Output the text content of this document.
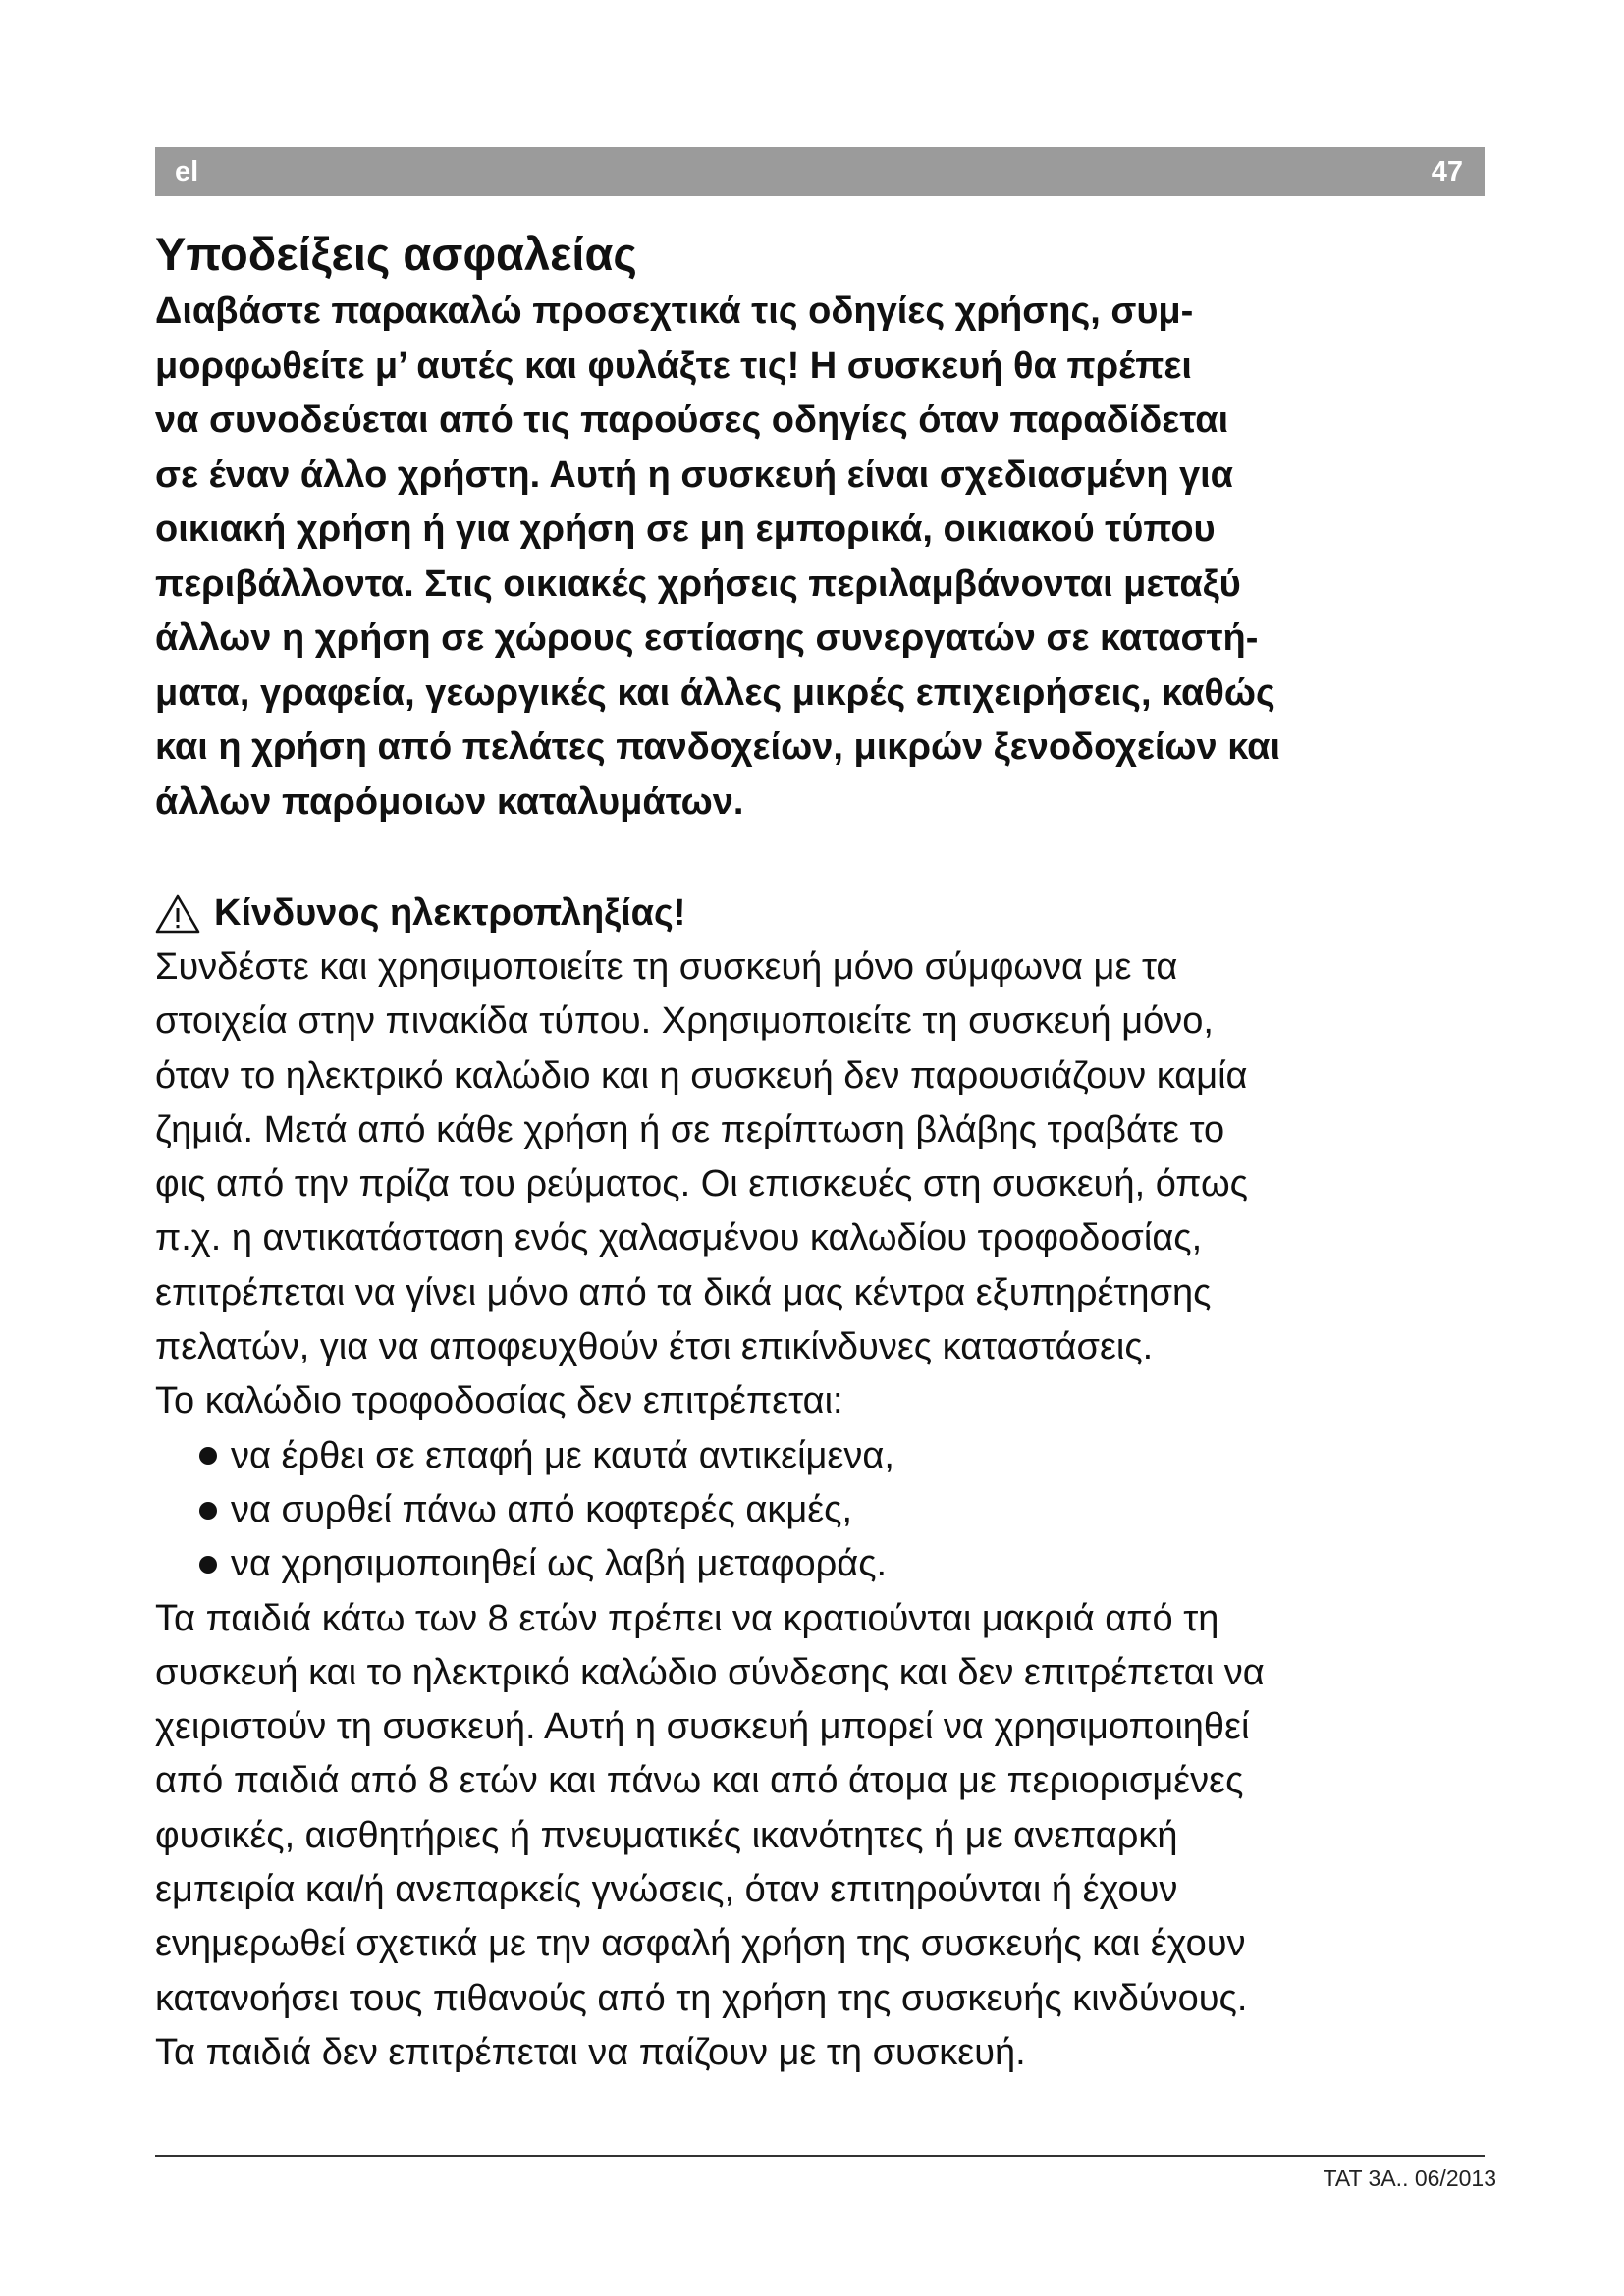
el	47
Υποδείξεις ασφαλείας
Διαβάστε παρακαλώ προσεχτικά τις οδηγίες χρήσης, συμ-
μορφωθείτε μ’ αυτές και φυλάξτε τις! Η συσκευή θα πρέπει
να συνοδεύεται από τις παρούσες οδηγίες όταν παραδίδεται
σε έναν άλλο χρήστη. Αυτή η συσκευή είναι σχεδιασμένη για
οικιακή χρήση ή για χρήση σε μη εμπορικά, οικιακού τύπου
περιβάλλοντα. Στις οικιακές χρήσεις περιλαμβάνονται μεταξύ
άλλων η χρήση σε χώρους εστίασης συνεργατών σε καταστή-
ματα, γραφεία, γεωργικές και άλλες μικρές επιχειρήσεις, καθώς
και η χρήση από πελάτες πανδοχείων, μικρών ξενοδοχείων και
άλλων παρόμοιων καταλυμάτων.
Κίνδυνος ηλεκτροπληξίας!
Συνδέστε και χρησιμοποιείτε τη συσκευή μόνο σύμφωνα με τα
στοιχεία στην πινακίδα τύπου. Χρησιμοποιείτε τη συσκευή μόνο,
όταν το ηλεκτρικό καλώδιο και η συσκευή δεν παρουσιάζουν καμία
ζημιά. Μετά από κάθε χρήση ή σε περίπτωση βλάβης τραβάτε το
φις από την πρίζα του ρεύματος. Οι επισκευές στη συσκευή, όπως
π.χ. η αντικατάσταση ενός χαλασμένου καλωδίου τροφοδοσίας,
επιτρέπεται να γίνει μόνο από τα δικά μας κέντρα εξυπηρέτησης
πελατών, για να αποφευχθούν έτσι επικίνδυνες καταστάσεις.
Το καλώδιο τροφοδοσίας δεν επιτρέπεται:
να έρθει σε επαφή με καυτά αντικείμενα,
να συρθεί πάνω από κοφτερές ακμές,
να χρησιμοποιηθεί ως λαβή μεταφοράς.
Τα παιδιά κάτω των 8 ετών πρέπει να κρατιούνται μακριά από τη
συσκευή και το ηλεκτρικό καλώδιο σύνδεσης και δεν επιτρέπεται να
χειριστούν τη συσκευή. Αυτή η συσκευή μπορεί να χρησιμοποιηθεί
από παιδιά από 8 ετών και πάνω και από άτομα με περιορισμένες
φυσικές, αισθητήριες ή πνευματικές ικανότητες ή με ανεπαρκή
εμπειρία και/ή ανεπαρκείς γνώσεις, όταν επιτηρούνται ή έχουν
ενημερωθεί σχετικά με την ασφαλή χρήση της συσκευής και έχουν
κατανοήσει τους πιθανούς από τη χρήση της συσκευής κινδύνους.
Τα παιδιά δεν επιτρέπεται να παίζουν με τη συσκευή.
TAT 3A.. 06/2013
